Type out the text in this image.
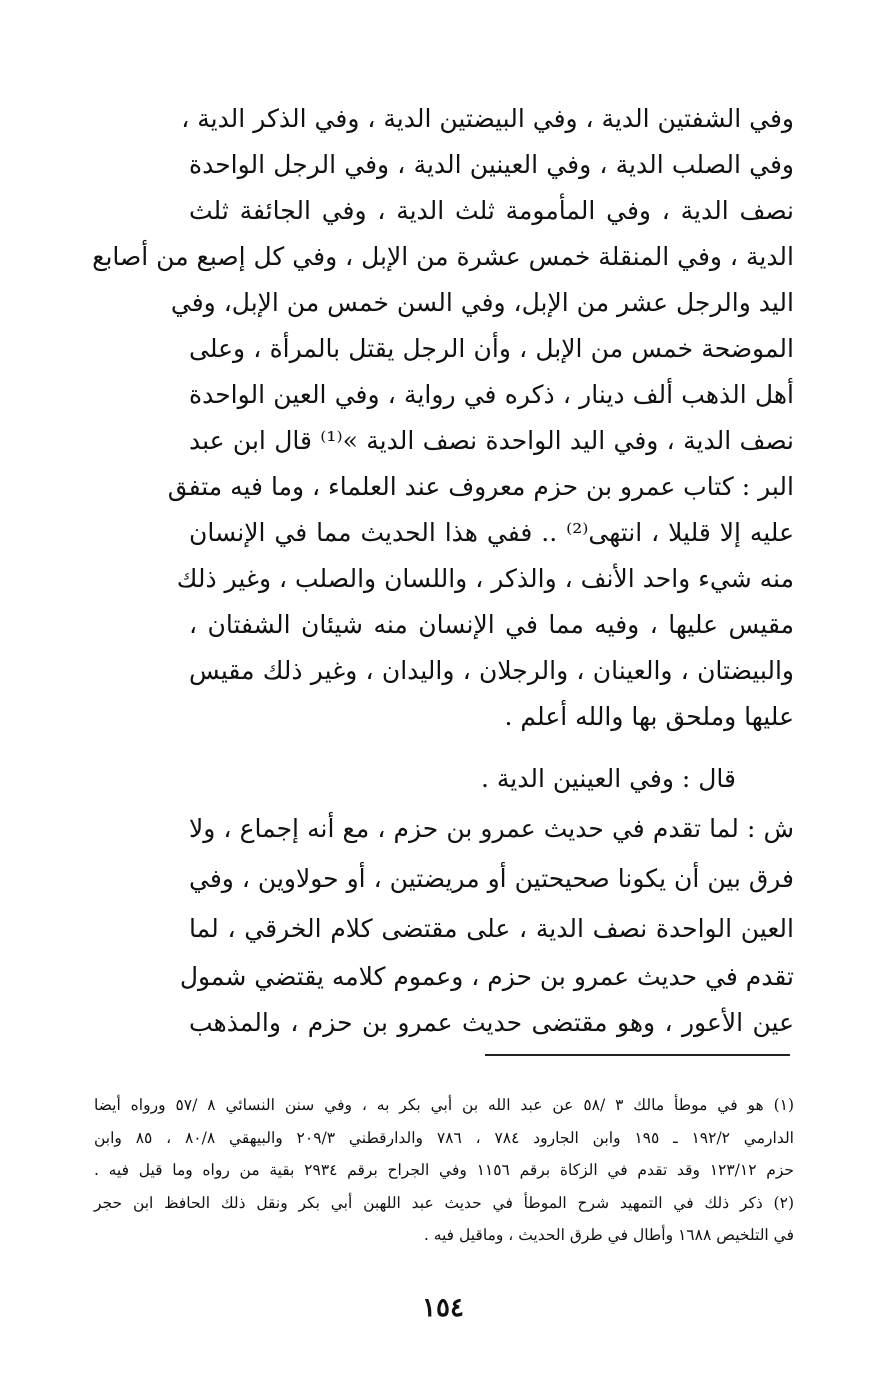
وفي الشفتين الدية ، وفي البيضتين الدية ، وفي الذكر الدية ،
وفي الصلب الدية ، وفي العينين الدية ، وفي الرجل الواحدة
نصف الدية ، وفي المأمومة ثلث الدية ، وفي الجائفة ثلث
الدية ، وفي المنقلة خمس عشرة من الإبل ، وفي كل إصبع من أصابع
اليد والرجل عشر من الإبل، وفي السن خمس من الإبل، وفي
الموضحة خمس من الإبل ، وأن الرجل يقتل بالمرأة ، وعلى
أهل الذهب ألف دينار ، ذكره في رواية ، وفي العين الواحدة
نصف الدية ، وفي اليد الواحدة نصف الدية »⁽¹⁾ قال ابن عبد
البر : كتاب عمرو بن حزم معروف عند العلماء ، وما فيه متفق
عليه إلا قليلا ، انتهى⁽²⁾ .. ففي هذا الحديث مما في الإنسان
منه شيء واحد الأنف ، والذكر ، واللسان والصلب ، وغير ذلك
مقيس عليها ، وفيه مما في الإنسان منه شيئان الشفتان ،
والبيضتان ، والعينان ، والرجلان ، واليدان ، وغير ذلك مقيس
عليها وملحق بها والله أعلم .
قال : وفي العينين الدية .
ش : لما تقدم في حديث عمرو بن حزم ، مع أنه إجماع ، ولا
فرق بين أن يكونا صحيحتين أو مريضتين ، أو حولاوين ، وفي
العين الواحدة نصف الدية ، على مقتضى كلام الخرقي ، لما
تقدم في حديث عمرو بن حزم ، وعموم كلامه يقتضي شمول
عين الأعور ، وهو مقتضى حديث عمرو بن حزم ، والمذهب
(١) هو في موطأ مالك ٣ /٥٨ عن عبد الله بن أبي بكر به ، وفي سنن النسائي ٨ /٥٧ ورواه أيضا
الدارمي ١٩٢/٢ ـ ١٩٥ وابن الجارود ٧٨٤ ، ٧٨٦ والدارقطني ٢٠٩/٣ والبيهقي ٨٠/٨ ، ٨٥ وابن
حزم ١٢٣/١٢ وقد تقدم في الزكاة برقم ١١٥٦ وفي الجراح برقم ٢٩٣٤ بقية من رواه وما قيل فيه .
(٢) ذكر ذلك في التمهيد شرح الموطأ في حديث عبد اللهبن أبي بكر ونقل ذلك الحافظ ابن حجر
في التلخيص ١٦٨٨ وأطال في طرق الحديث ، وماقيل فيه .
١٥٤
